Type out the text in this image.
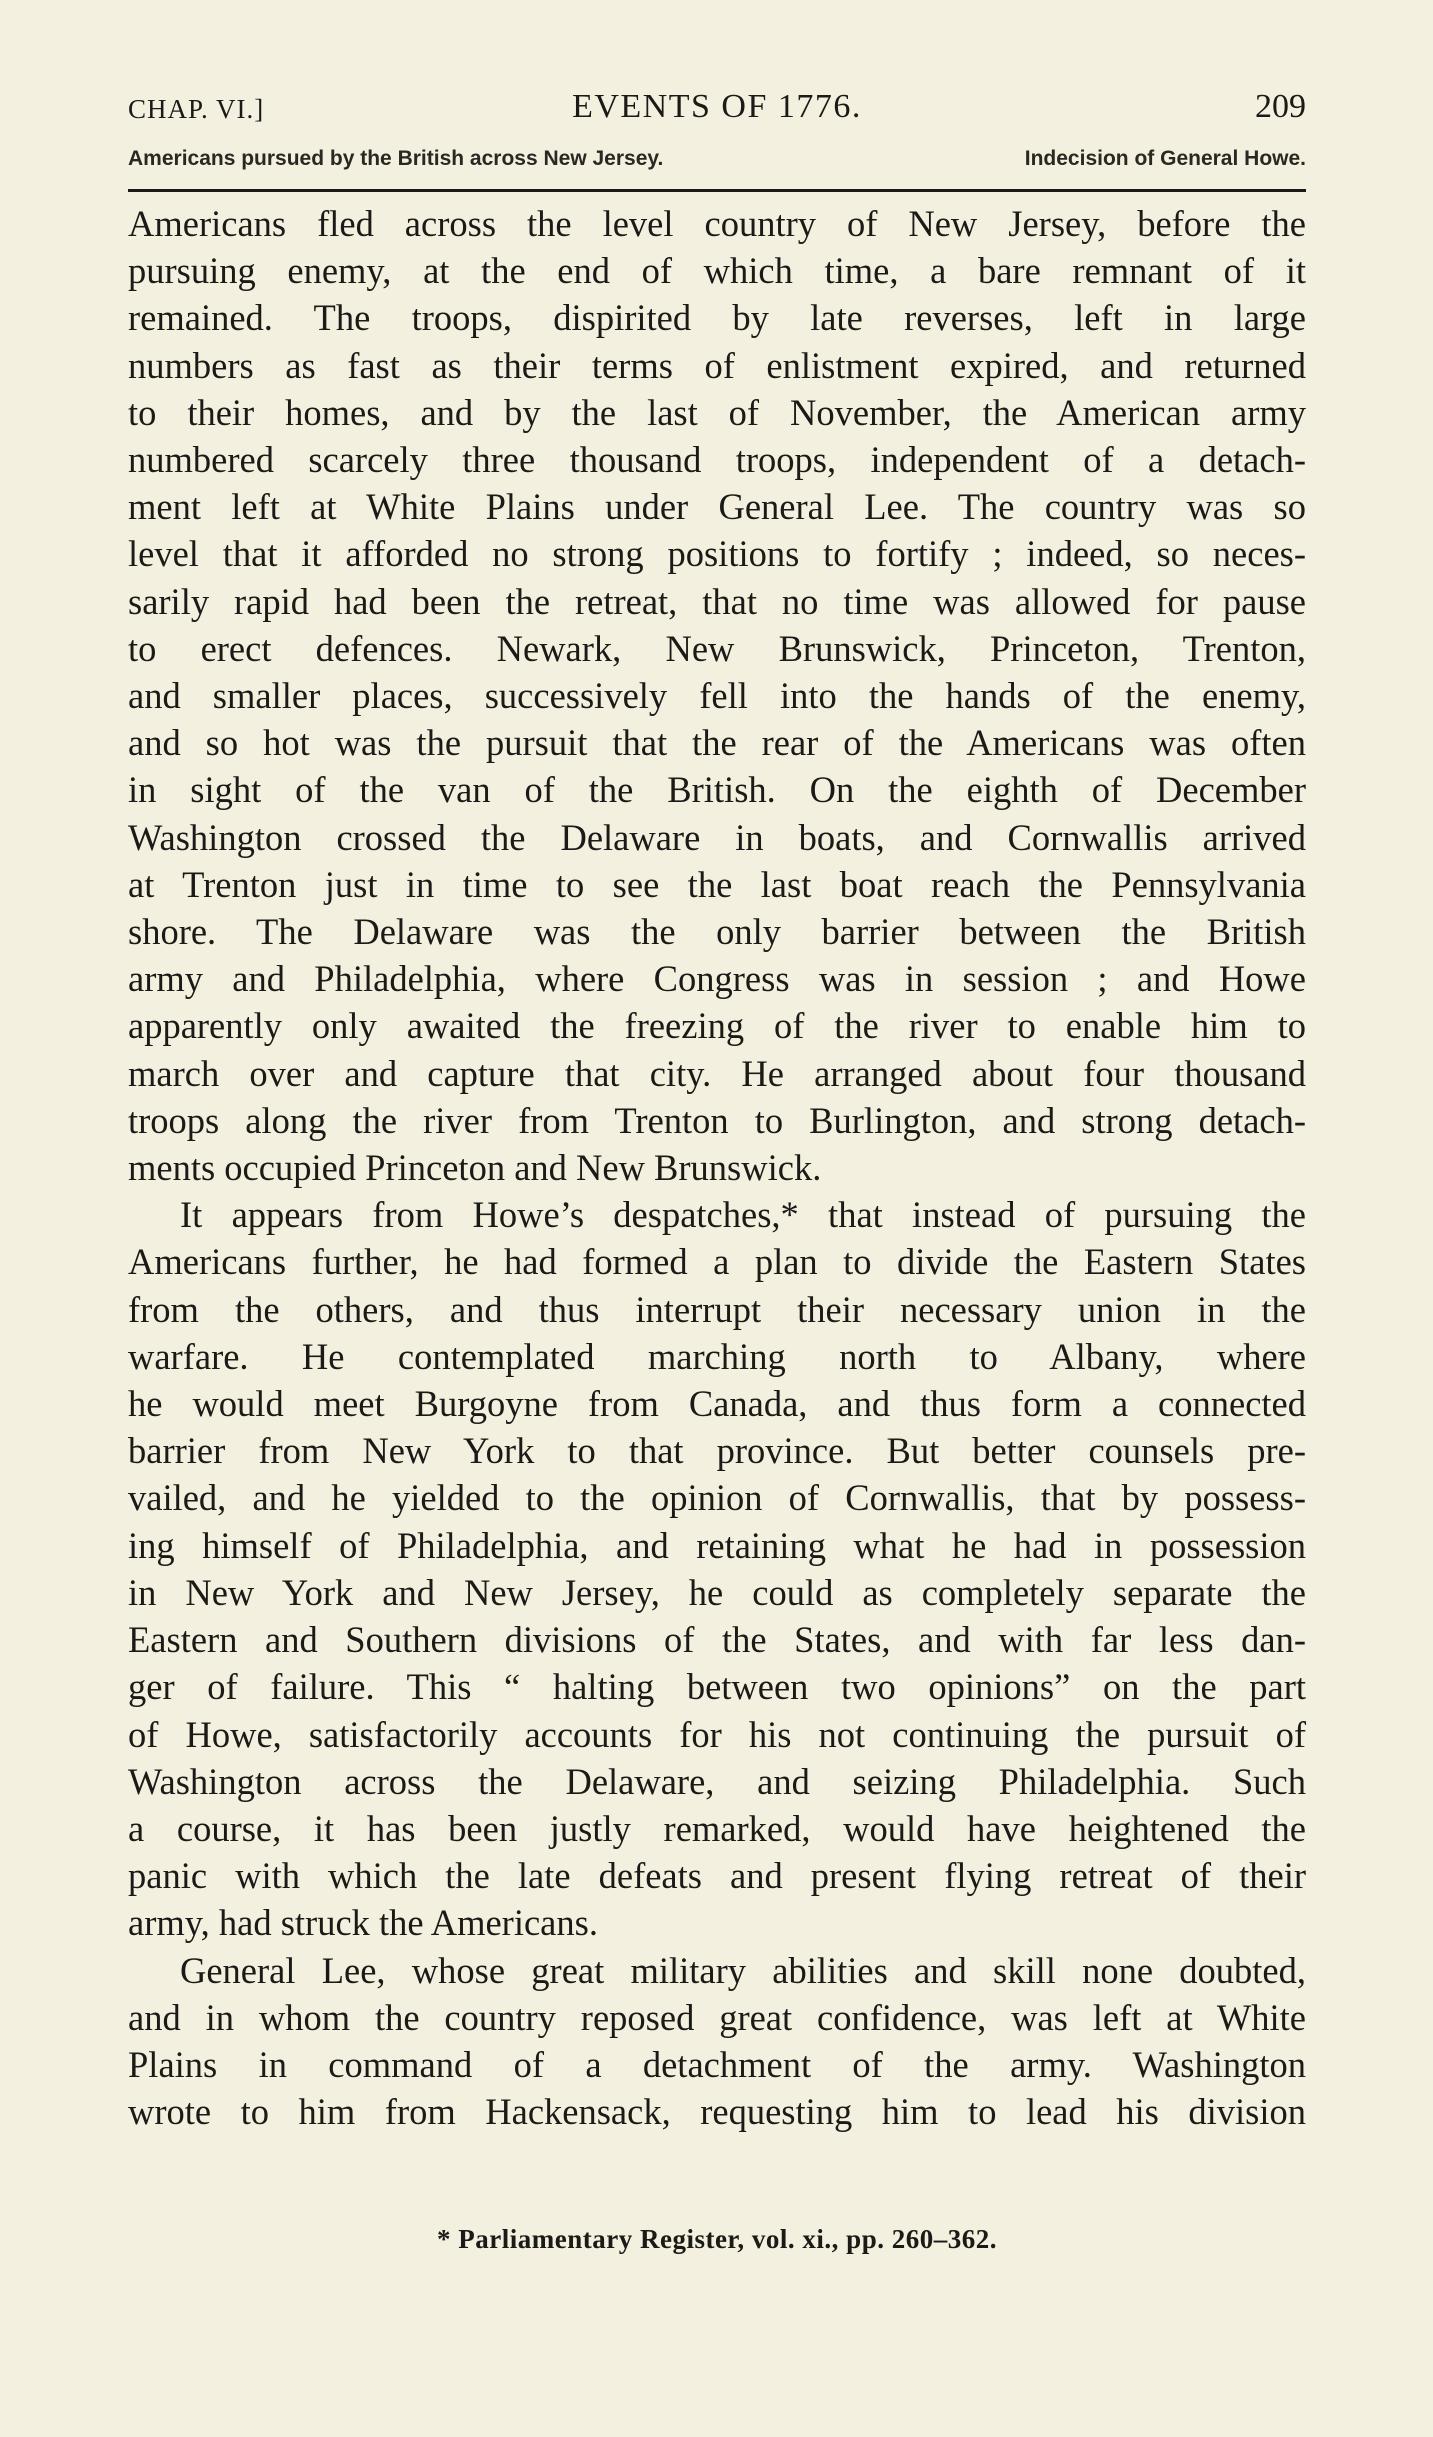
CHAP. VI.]	EVENTS OF 1776.	209
Americans pursued by the British across New Jersey.	Indecision of General Howe.

Americans fled across the level country of New Jersey, before the

pursuing enemy, at the end of which time, a bare remnant of it

remained. The troops, dispirited by late reverses, left in large

numbers as fast as their terms of enlistment expired, and returned

to their homes, and by the last of November, the American army

numbered scarcely three thousand troops, independent of a detach-

ment left at White Plains under General Lee. The country was so

level that it afforded no strong positions to fortify ; indeed, so neces-

sarily rapid had been the retreat, that no time was allowed for pause

to erect defences. Newark, New Brunswick, Princeton, Trenton,

and smaller places, successively fell into the hands of the enemy,

and so hot was the pursuit that the rear of the Americans was often

in sight of the van of the British. On the eighth of December

Washington crossed the Delaware in boats, and Cornwallis arrived

at Trenton just in time to see the last boat reach the Pennsylvania

shore. The Delaware was the only barrier between the British

army and Philadelphia, where Congress was in session ; and Howe

apparently only awaited the freezing of the river to enable him to

march over and capture that city. He arranged about four thousand

troops along the river from Trenton to Burlington, and strong detach-

ments occupied Princeton and New Brunswick.

It appears from Howe’s despatches,* that instead of pursuing the

Americans further, he had formed a plan to divide the Eastern States

from the others, and thus interrupt their necessary union in the

warfare. He contemplated marching north to Albany, where

he would meet Burgoyne from Canada, and thus form a connected

barrier from New York to that province. But better counsels pre-

vailed, and he yielded to the opinion of Cornwallis, that by possess-

ing himself of Philadelphia, and retaining what he had in possession

in New York and New Jersey, he could as completely separate the

Eastern and Southern divisions of the States, and with far less dan-

ger of failure. This “ halting between two opinions” on the part

of Howe, satisfactorily accounts for his not continuing the pursuit of

Washington across the Delaware, and seizing Philadelphia. Such

a course, it has been justly remarked, would have heightened the

panic with which the late defeats and present flying retreat of their

army, had struck the Americans.

General Lee, whose great military abilities and skill none doubted,

and in whom the country reposed great confidence, was left at White

Plains in command of a detachment of the army. Washington

wrote to him from Hackensack, requesting him to lead his division

* Parliamentary Register, vol. xi., pp. 260–362.
